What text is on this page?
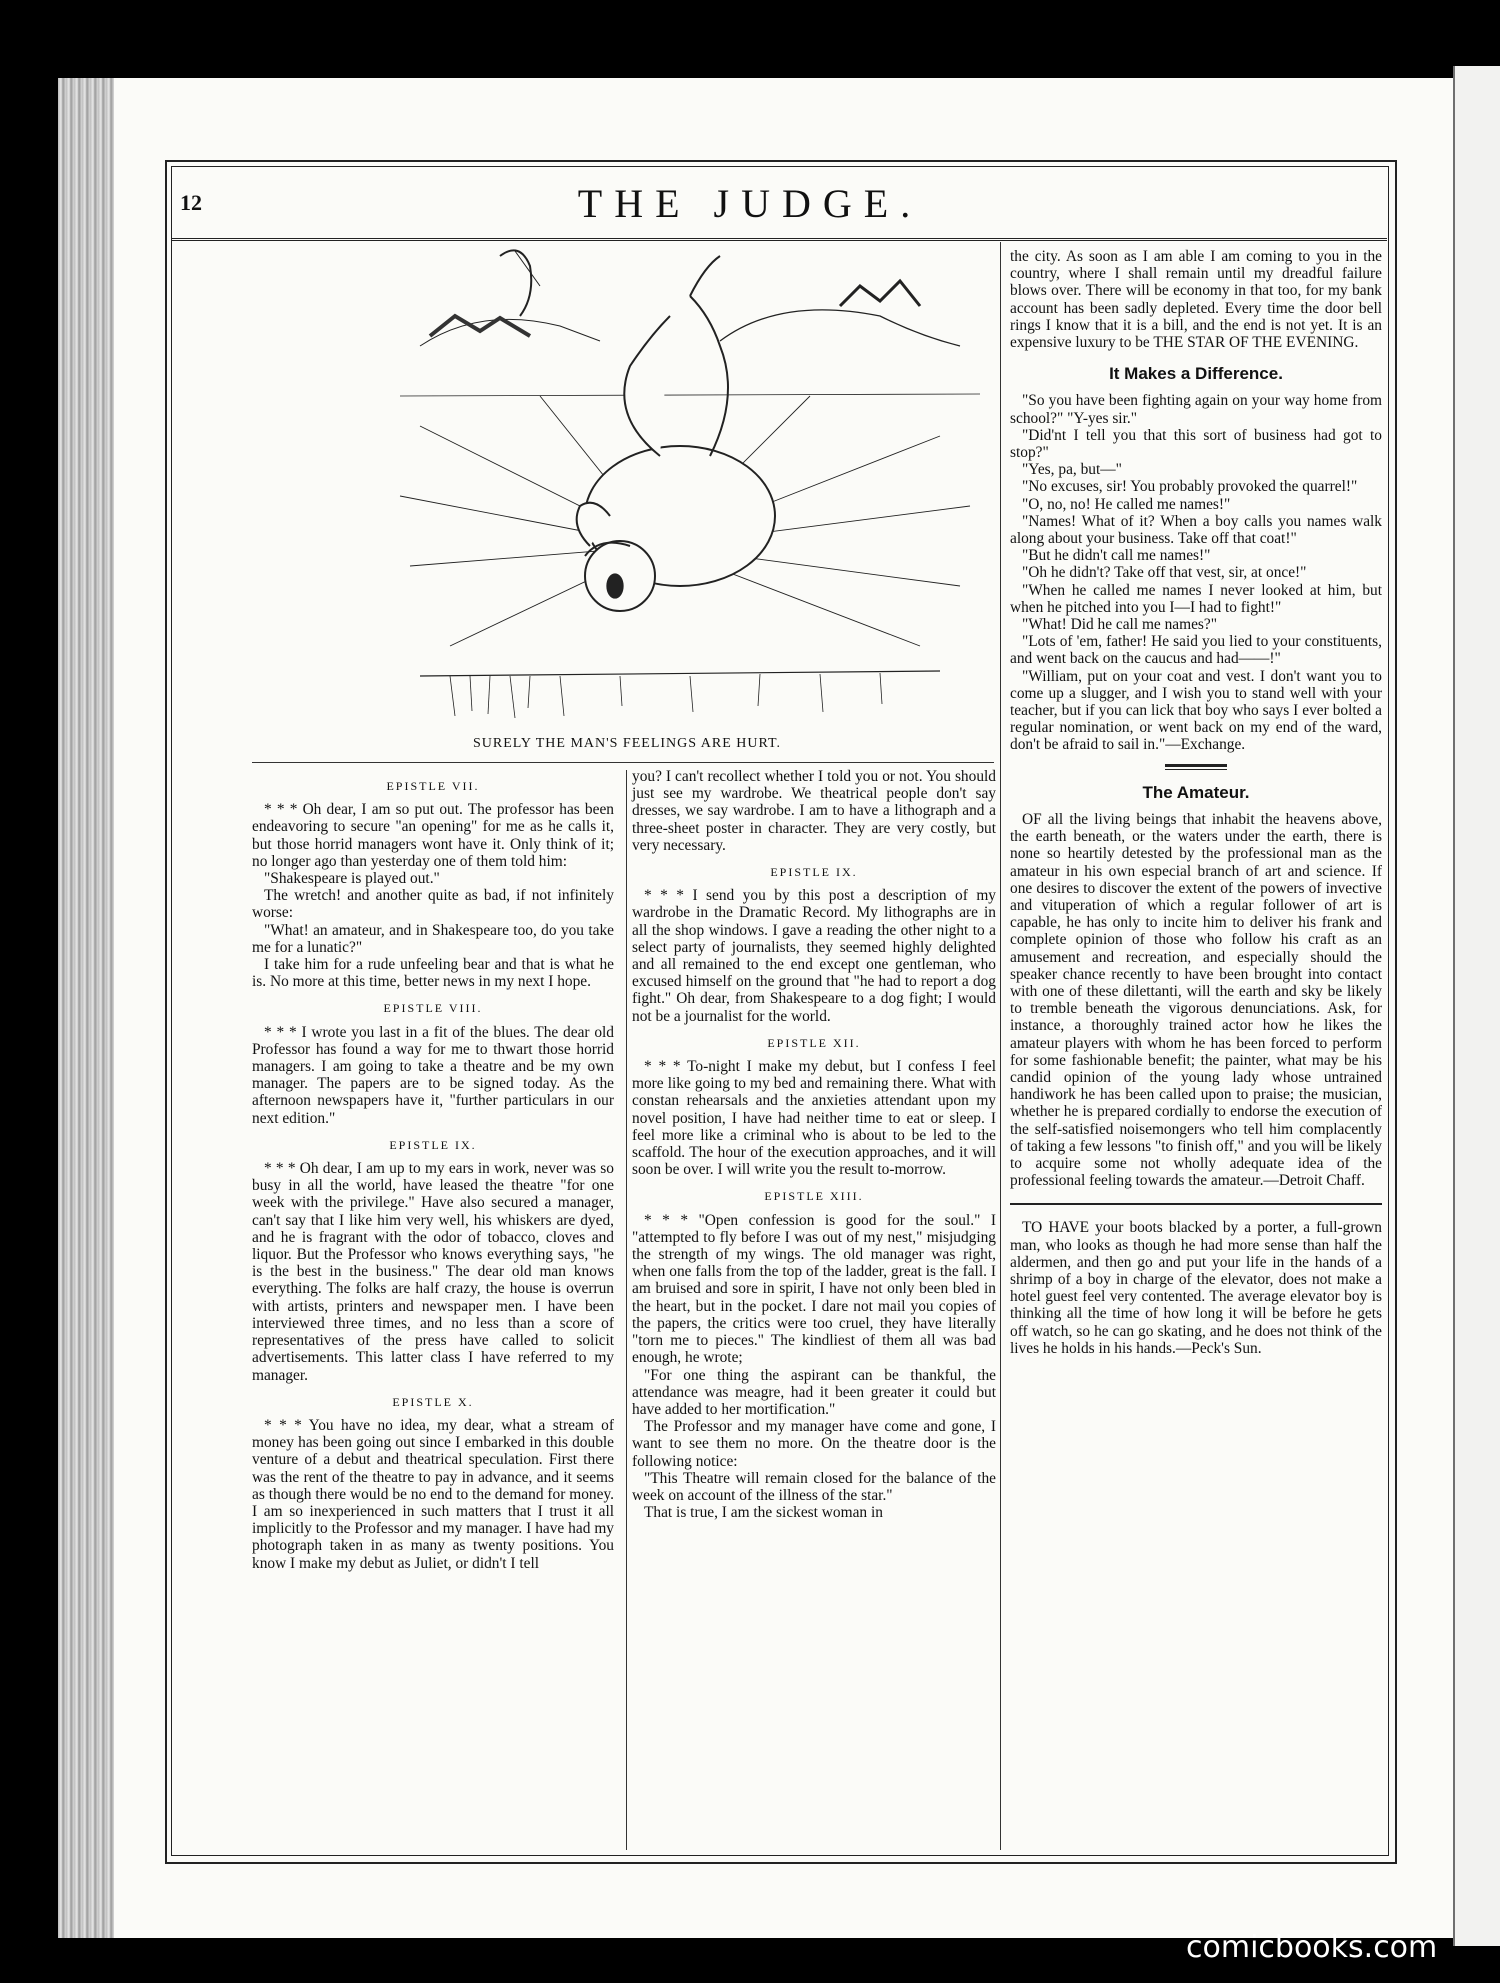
12	THE JUDGE.
SURELY THE MAN'S FEELINGS ARE HURT.
EPISTLE VII.

* * * Oh dear, I am so put out. The professor has been endeavoring to secure "an opening" for me as he calls it, but those horrid managers wont have it. Only think of it; no longer ago than yesterday one of them told him:

"Shakespeare is played out."

The wretch! and another quite as bad, if not infinitely worse:

"What! an amateur, and in Shakespeare too, do you take me for a lunatic?"

I take him for a rude unfeeling bear and that is what he is. No more at this time, better news in my next I hope.

EPISTLE VIII.

* * * I wrote you last in a fit of the blues. The dear old Professor has found a way for me to thwart those horrid managers. I am going to take a theatre and be my own manager. The papers are to be signed today. As the afternoon newspapers have it, "further particulars in our next edition."

EPISTLE IX.

* * * Oh dear, I am up to my ears in work, never was so busy in all the world, have leased the theatre "for one week with the privilege." Have also secured a manager, can't say that I like him very well, his whiskers are dyed, and he is fragrant with the odor of tobacco, cloves and liquor. But the Professor who knows everything says, "he is the best in the business." The dear old man knows everything. The folks are half crazy, the house is overrun with artists, printers and newspaper men. I have been interviewed three times, and no less than a score of representatives of the press have called to solicit advertisements. This latter class I have referred to my manager.

EPISTLE X.

* * * You have no idea, my dear, what a stream of money has been going out since I embarked in this double venture of a debut and theatrical speculation. First there was the rent of the theatre to pay in advance, and it seems as though there would be no end to the demand for money. I am so inexperienced in such matters that I trust it all implicitly to the Professor and my manager. I have had my photograph taken in as many as twenty positions. You know I make my debut as Juliet, or didn't I tell

you? I can't recollect whether I told you or not. You should just see my wardrobe. We theatrical people don't say dresses, we say wardrobe. I am to have a lithograph and a three-sheet poster in character. They are very costly, but very necessary.

EPISTLE IX.

* * * I send you by this post a description of my wardrobe in the Dramatic Record. My lithographs are in all the shop windows. I gave a reading the other night to a select party of journalists, they seemed highly delighted and all remained to the end except one gentleman, who excused himself on the ground that "he had to report a dog fight." Oh dear, from Shakespeare to a dog fight; I would not be a journalist for the world.

EPISTLE XII.

* * * To-night I make my debut, but I confess I feel more like going to my bed and remaining there. What with constan rehearsals and the anxieties attendant upon my novel position, I have had neither time to eat or sleep. I feel more like a criminal who is about to be led to the scaffold. The hour of the execution approaches, and it will soon be over. I will write you the result to-morrow.

EPISTLE XIII.

* * * "Open confession is good for the soul." I "attempted to fly before I was out of my nest," misjudging the strength of my wings. The old manager was right, when one falls from the top of the ladder, great is the fall. I am bruised and sore in spirit, I have not only been bled in the heart, but in the pocket. I dare not mail you copies of the papers, the critics were too cruel, they have literally "torn me to pieces." The kindliest of them all was bad enough, he wrote;

"For one thing the aspirant can be thankful, the attendance was meagre, had it been greater it could but have added to her mortification."

The Professor and my manager have come and gone, I want to see them no more. On the theatre door is the following notice:

"This Theatre will remain closed for the balance of the week on account of the illness of the star."

That is true, I am the sickest woman in

the city. As soon as I am able I am coming to you in the country, where I shall remain until my dreadful failure blows over. There will be economy in that too, for my bank account has been sadly depleted. Every time the door bell rings I know that it is a bill, and the end is not yet. It is an expensive luxury to be THE STAR OF THE EVENING.

It Makes a Difference.

"So you have been fighting again on your way home from school?" "Y-yes sir."

"Did'nt I tell you that this sort of business had got to stop?"

"Yes, pa, but—"

"No excuses, sir! You probably provoked the quarrel!"

"O, no, no! He called me names!"

"Names! What of it? When a boy calls you names walk along about your business. Take off that coat!"

"But he didn't call me names!"

"Oh he didn't? Take off that vest, sir, at once!"

"When he called me names I never looked at him, but when he pitched into you I—I had to fight!"

"What! Did he call me names?"

"Lots of 'em, father! He said you lied to your constituents, and went back on the caucus and had——!"

"William, put on your coat and vest. I don't want you to come up a slugger, and I wish you to stand well with your teacher, but if you can lick that boy who says I ever bolted a regular nomination, or went back on my end of the ward, don't be afraid to sail in."—Exchange.

The Amateur.

OF all the living beings that inhabit the heavens above, the earth beneath, or the waters under the earth, there is none so heartily detested by the professional man as the amateur in his own especial branch of art and science. If one desires to discover the extent of the powers of invective and vituperation of which a regular follower of art is capable, he has only to incite him to deliver his frank and complete opinion of those who follow his craft as an amusement and recreation, and especially should the speaker chance recently to have been brought into contact with one of these dilettanti, will the earth and sky be likely to tremble beneath the vigorous denunciations. Ask, for instance, a thoroughly trained actor how he likes the amateur players with whom he has been forced to perform for some fashionable benefit; the painter, what may be his candid opinion of the young lady whose untrained handiwork he has been called upon to praise; the musician, whether he is prepared cordially to endorse the execution of the self-satisfied noisemongers who tell him complacently of taking a few lessons "to finish off," and you will be likely to acquire some not wholly adequate idea of the professional feeling towards the amateur.—Detroit Chaff.

TO HAVE your boots blacked by a porter, a full-grown man, who looks as though he had more sense than half the aldermen, and then go and put your life in the hands of a shrimp of a boy in charge of the elevator, does not make a hotel guest feel very contented. The average elevator boy is thinking all the time of how long it will be before he gets off watch, so he can go skating, and he does not think of the lives he holds in his hands.—Peck's Sun.

comicbooks.com
